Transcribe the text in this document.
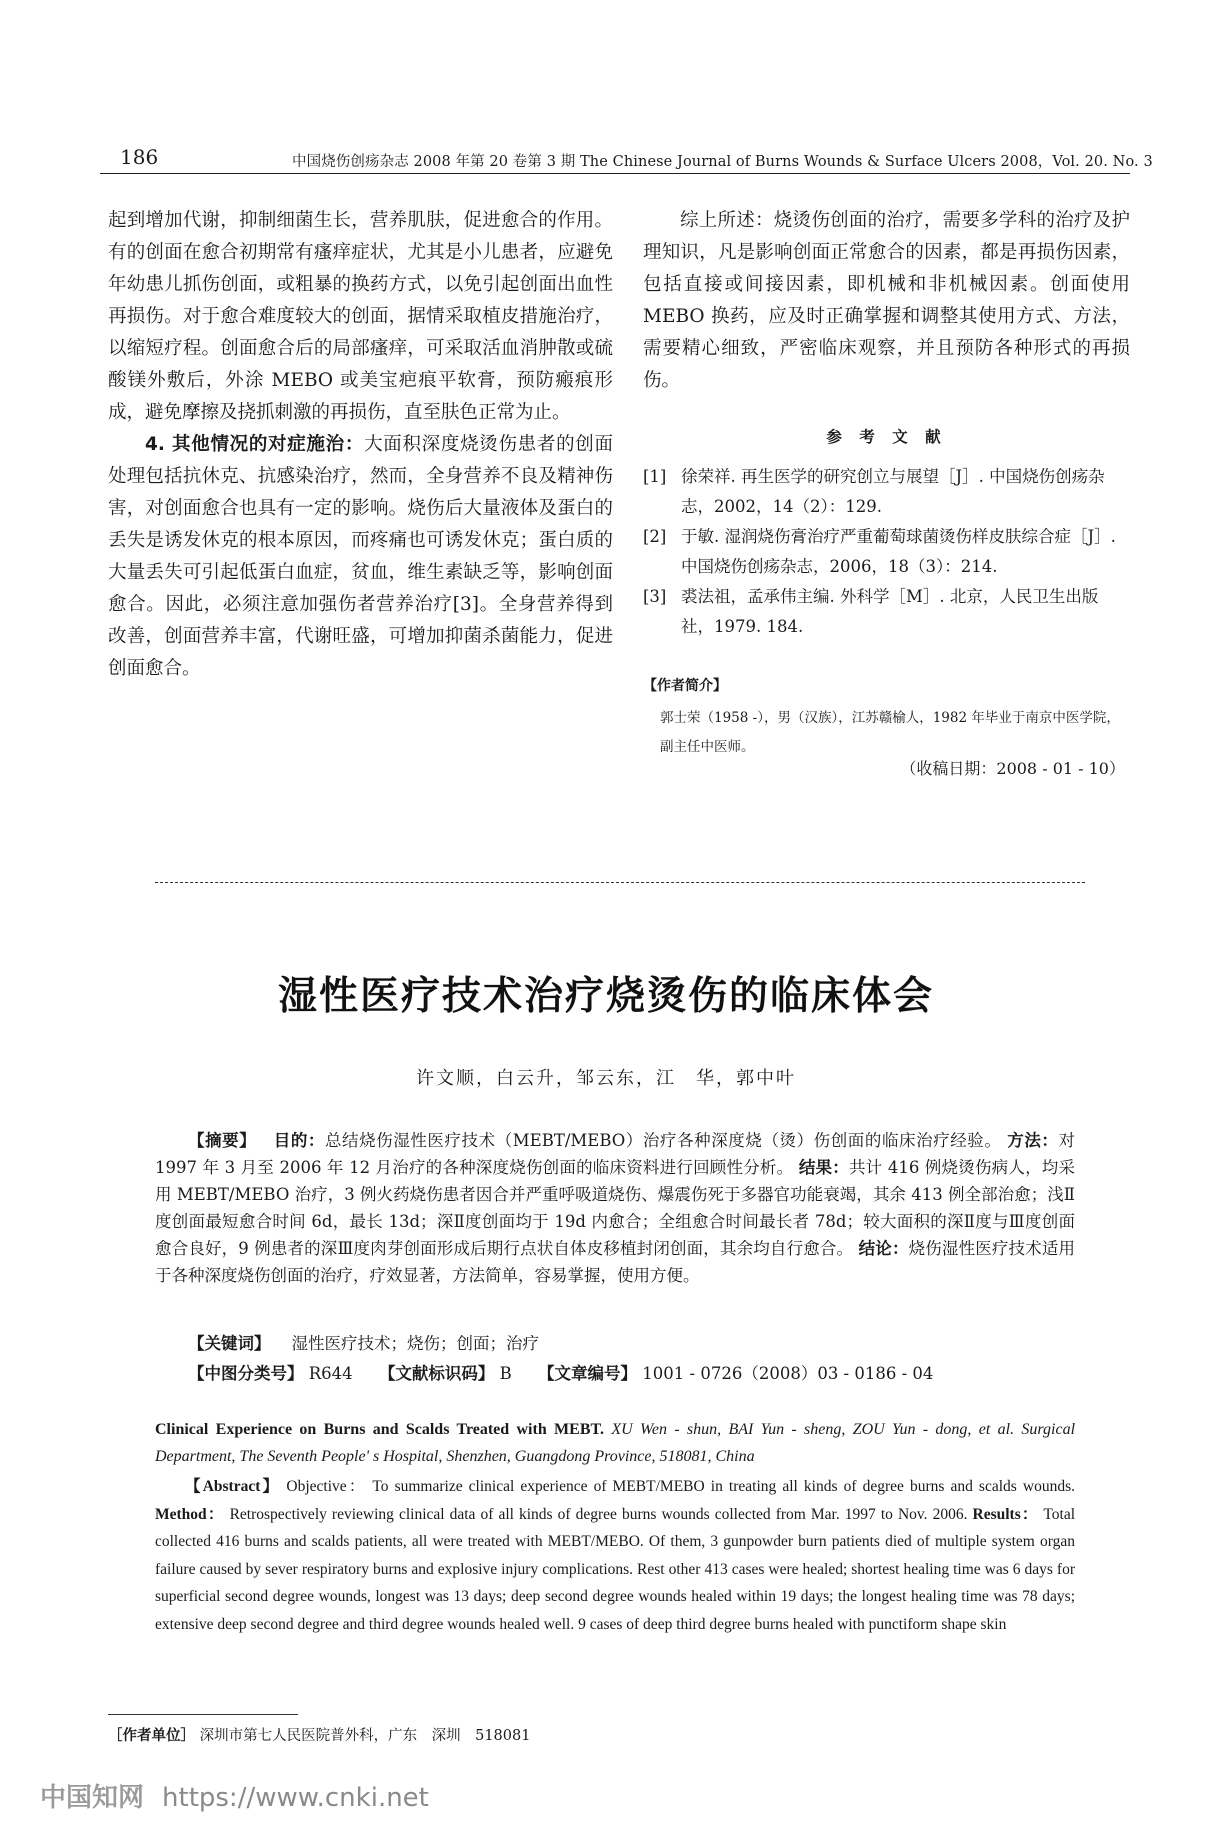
186	中国烧伤创疡杂志 2008 年第 20 卷第 3 期 The Chinese Journal of Burns Wounds & Surface Ulcers 2008，Vol. 20. No. 3

起到增加代谢，抑制细菌生长，营养肌肤，促进愈合的作用。有的创面在愈合初期常有瘙痒症状，尤其是小儿患者，应避免年幼患儿抓伤创面，或粗暴的换药方式，以免引起创面出血性再损伤。对于愈合难度较大的创面，据情采取植皮措施治疗，以缩短疗程。创面愈合后的局部瘙痒，可采取活血消肿散或硫酸镁外敷后，外涂 MEBO 或美宝疤痕平软膏，预防瘢痕形成，避免摩擦及挠抓刺激的再损伤，直至肤色正常为止。

4. 其他情况的对症施治：大面积深度烧烫伤患者的创面处理包括抗休克、抗感染治疗，然而，全身营养不良及精神伤害，对创面愈合也具有一定的影响。烧伤后大量液体及蛋白的丢失是诱发休克的根本原因，而疼痛也可诱发休克；蛋白质的大量丢失可引起低蛋白血症，贫血，维生素缺乏等，影响创面愈合。因此，必须注意加强伤者营养治疗[3]。全身营养得到改善，创面营养丰富，代谢旺盛，可增加抑菌杀菌能力，促进创面愈合。

综上所述：烧烫伤创面的治疗，需要多学科的治疗及护理知识，凡是影响创面正常愈合的因素，都是再损伤因素，包括直接或间接因素，即机械和非机械因素。创面使用 MEBO 换药，应及时正确掌握和调整其使用方式、方法，需要精心细致，严密临床观察，并且预防各种形式的再损伤。

参 考 文 献
[1] 徐荣祥. 再生医学的研究创立与展望［J］. 中国烧伤创疡杂志，2002，14（2）：129.
[2] 于敏. 湿润烧伤膏治疗严重葡萄球菌烫伤样皮肤综合症［J］. 中国烧伤创疡杂志，2006，18（3）：214.
[3] 裘法祖，孟承伟主编. 外科学［M］. 北京，人民卫生出版社，1979. 184.
【作者简介】
郭士荣（1958 -），男（汉族），江苏赣榆人，1982 年毕业于南京中医学院，副主任中医师。
（收稿日期：2008 - 01 - 10）
湿性医疗技术治疗烧烫伤的临床体会
许文顺，白云升，邹云东，江　华，郭中叶
【摘要】 目的：总结烧伤湿性医疗技术（MEBT/MEBO）治疗各种深度烧（烫）伤创面的临床治疗经验。 方法：对 1997 年 3 月至 2006 年 12 月治疗的各种深度烧伤创面的临床资料进行回顾性分析。 结果：共计 416 例烧烫伤病人，均采用 MEBT/MEBO 治疗，3 例火药烧伤患者因合并严重呼吸道烧伤、爆震伤死于多器官功能衰竭，其余 413 例全部治愈；浅Ⅱ度创面最短愈合时间 6d，最长 13d；深Ⅱ度创面均于 19d 内愈合；全组愈合时间最长者 78d；较大面积的深Ⅱ度与Ⅲ度创面愈合良好，9 例患者的深Ⅲ度肉芽创面形成后期行点状自体皮移植封闭创面，其余均自行愈合。 结论：烧伤湿性医疗技术适用于各种深度烧伤创面的治疗，疗效显著，方法简单，容易掌握，使用方便。
【关键词】 湿性医疗技术；烧伤；创面；治疗
【中图分类号】 R644 【文献标识码】 B 【文章编号】 1001 - 0726（2008）03 - 0186 - 04
Clinical Experience on Burns and Scalds Treated with MEBT. XU Wen - shun, BAI Yun - sheng, ZOU Yun - dong, et al. Surgical Department, The Seventh People' s Hospital, Shenzhen, Guangdong Province, 518081, China
【Abstract】 Objective： To summarize clinical experience of MEBT/MEBO in treating all kinds of degree burns and scalds wounds. Method： Retrospectively reviewing clinical data of all kinds of degree burns wounds collected from Mar. 1997 to Nov. 2006. Results： Total collected 416 burns and scalds patients, all were treated with MEBT/MEBO. Of them, 3 gunpowder burn patients died of multiple system organ failure caused by sever respiratory burns and explosive injury complications. Rest other 413 cases were healed; shortest healing time was 6 days for superficial second degree wounds, longest was 13 days; deep second degree wounds healed within 19 days; the longest healing time was 78 days; extensive deep second degree and third degree wounds healed well. 9 cases of deep third degree burns healed with punctiform shape skin
［作者单位］ 深圳市第七人民医院普外科，广东　深圳　518081
中国知网 https://www.cnki.net
